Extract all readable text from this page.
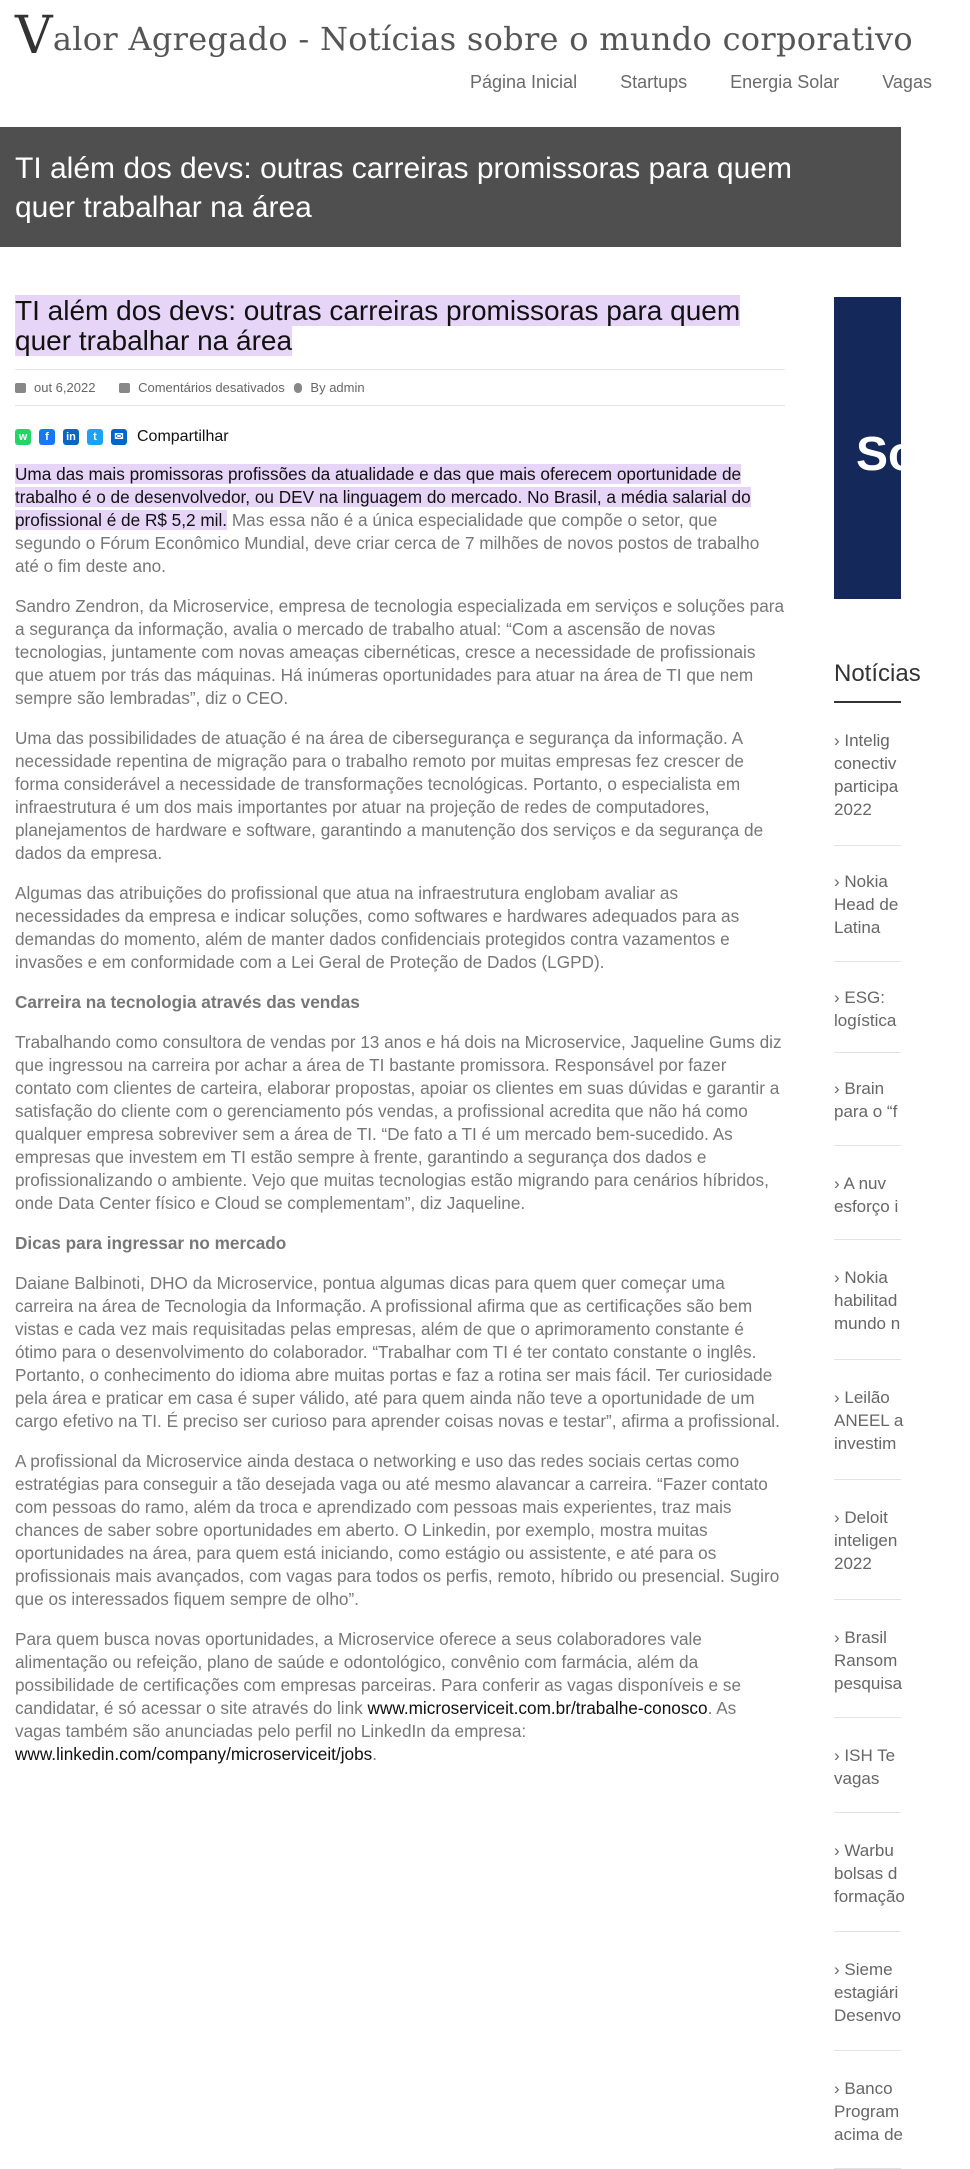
Valor Agregado - Notícias sobre o mundo corporativo
Página Inicial Startups Energia Solar Vagas
TI além dos devs: outras carreiras promissoras para quem quer trabalhar na área
TI além dos devs: outras carreiras promissoras para quem quer trabalhar na área
out 6,2022	Comentários desativados By admin
w	f	in	t	✉ Compartilhar

Uma das mais promissoras profissões da atualidade e das que mais oferecem oportunidade de trabalho é o de desenvolvedor, ou DEV na linguagem do mercado. No Brasil, a média salarial do profissional é de R$ 5,2 mil. Mas essa não é a única especialidade que compõe o setor, que segundo o Fórum Econômico Mundial, deve criar cerca de 7 milhões de novos postos de trabalho até o fim deste ano.

Sandro Zendron, da Microservice, empresa de tecnologia especializada em serviços e soluções para a segurança da informação, avalia o mercado de trabalho atual: “Com a ascensão de novas tecnologias, juntamente com novas ameaças cibernéticas, cresce a necessidade de profissionais que atuem por trás das máquinas. Há inúmeras oportunidades para atuar na área de TI que nem sempre são lembradas”, diz o CEO.

Uma das possibilidades de atuação é na área de cibersegurança e segurança da informação. A necessidade repentina de migração para o trabalho remoto por muitas empresas fez crescer de forma considerável a necessidade de transformações tecnológicas. Portanto, o especialista em infraestrutura é um dos mais importantes por atuar na projeção de redes de computadores, planejamentos de hardware e software, garantindo a manutenção dos serviços e da segurança de dados da empresa.

Algumas das atribuições do profissional que atua na infraestrutura englobam avaliar as necessidades da empresa e indicar soluções, como softwares e hardwares adequados para as demandas do momento, além de manter dados confidenciais protegidos contra vazamentos e invasões e em conformidade com a Lei Geral de Proteção de Dados (LGPD).

Carreira na tecnologia através das vendas

Trabalhando como consultora de vendas por 13 anos e há dois na Microservice, Jaqueline Gums diz que ingressou na carreira por achar a área de TI bastante promissora. Responsável por fazer contato com clientes de carteira, elaborar propostas, apoiar os clientes em suas dúvidas e garantir a satisfação do cliente com o gerenciamento pós vendas, a profissional acredita que não há como qualquer empresa sobreviver sem a área de TI. “De fato a TI é um mercado bem-sucedido. As empresas que investem em TI estão sempre à frente, garantindo a segurança dos dados e profissionalizando o ambiente. Vejo que muitas tecnologias estão migrando para cenários híbridos, onde Data Center físico e Cloud se complementam”, diz Jaqueline.

Dicas para ingressar no mercado

Daiane Balbinoti, DHO da Microservice, pontua algumas dicas para quem quer começar uma carreira na área de Tecnologia da Informação. A profissional afirma que as certificações são bem vistas e cada vez mais requisitadas pelas empresas, além de que o aprimoramento constante é ótimo para o desenvolvimento do colaborador. “Trabalhar com TI é ter contato constante o inglês. Portanto, o conhecimento do idioma abre muitas portas e faz a rotina ser mais fácil. Ter curiosidade pela área e praticar em casa é super válido, até para quem ainda não teve a oportunidade de um cargo efetivo na TI. É preciso ser curioso para aprender coisas novas e testar”, afirma a profissional.

A profissional da Microservice ainda destaca o networking e uso das redes sociais certas como estratégias para conseguir a tão desejada vaga ou até mesmo alavancar a carreira. “Fazer contato com pessoas do ramo, além da troca e aprendizado com pessoas mais experientes, traz mais chances de saber sobre oportunidades em aberto. O Linkedin, por exemplo, mostra muitas oportunidades na área, para quem está iniciando, como estágio ou assistente, e até para os profissionais mais avançados, com vagas para todos os perfis, remoto, híbrido ou presencial. Sugiro que os interessados fiquem sempre de olho”.

Para quem busca novas oportunidades, a Microservice oferece a seus colaboradores vale alimentação ou refeição, plano de saúde e odontológico, convênio com farmácia, além da possibilidade de certificações com empresas parceiras. Para conferir as vagas disponíveis e se candidatar, é só acessar o site através do link www.microserviceit.com.br/trabalhe-conosco. As vagas também são anunciadas pelo perfil no LinkedIn da empresa: www.linkedin.com/company/microserviceit/jobs.

So
Notícias
› Intelig
conectiv
participa
2022
› Nokia
Head de
Latina
› ESG:
logística
› Brain
para o “f
› A nuv
esforço i
› Nokia
habilitad
mundo n
› Leilão
ANEEL a
investim
› Deloit
inteligen
2022
› Brasil
Ransom
pesquisa
› ISH Te
vagas
› Warbu
bolsas d
formação
› Sieme
estagiári
Desenvo
› Banco
Program
acima de
